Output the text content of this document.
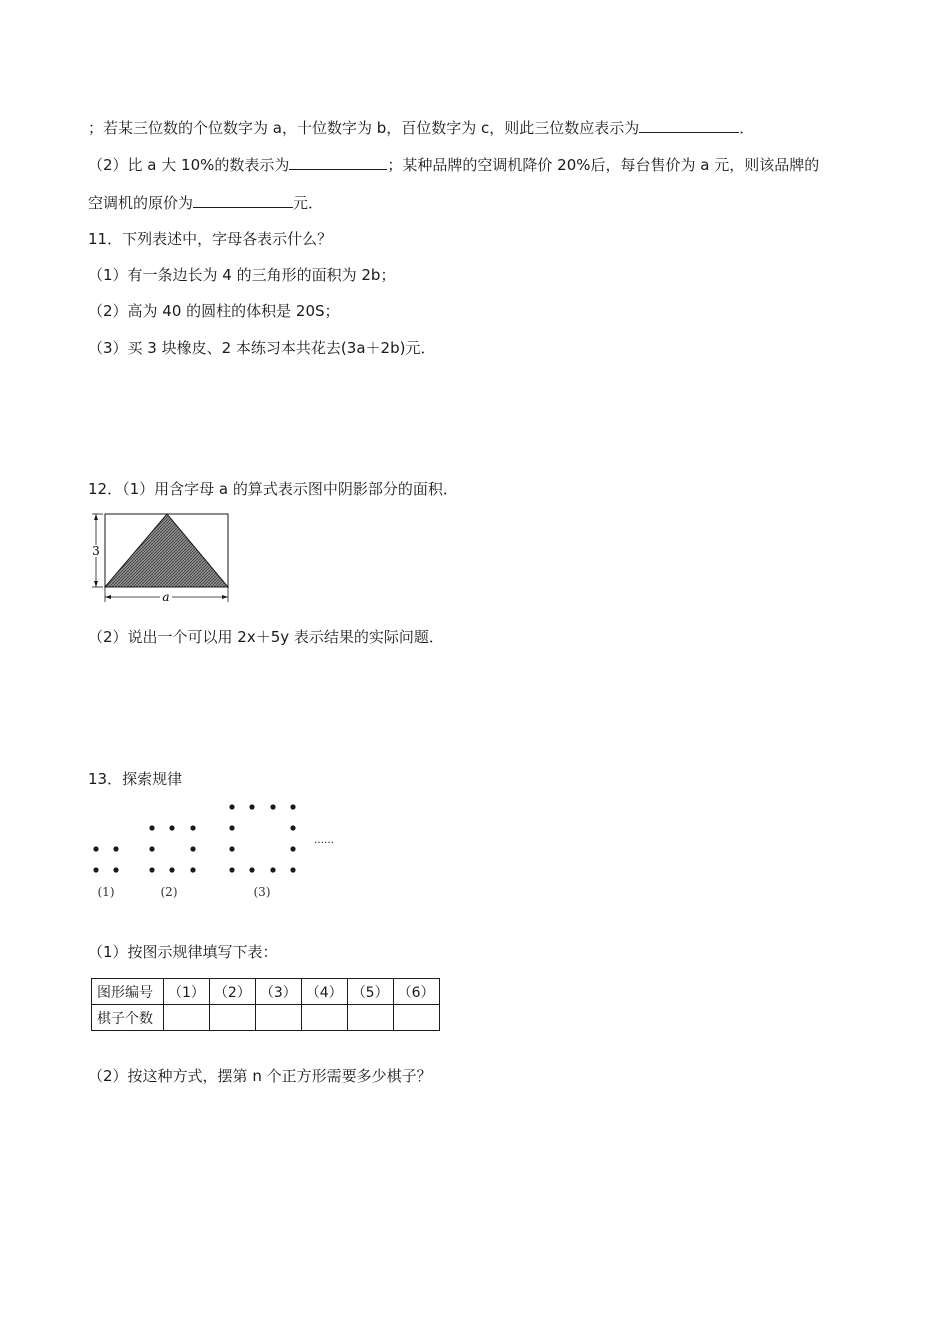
；若某三位数的个位数字为 a，十位数字为 b，百位数字为 c，则此三位数应表示为	．
（2）比 a 大 10%的数表示为	；某种品牌的空调机降价 20%后，每台售价为 a 元，则该品牌的
空调机的原价为	元．
11．下列表述中，字母各表示什么？
（1）有一条边长为 4 的三角形的面积为 2b；
（2）高为 40 的圆柱的体积是 20S；
（3）买 3 块橡皮、2 本练习本共花去(3a＋2b)元．
12．（1）用含字母 a 的算式表示图中阴影部分的面积．
3
a
（2）说出一个可以用 2x＋5y 表示结果的实际问题．
13．探索规律
……
(1)	(2)	(3)
（1）按图示规律填写下表：
图形编号	（1）	（2）	（3）	（4）	（5）	（6）
棋子个数						
（2）按这种方式，摆第 n 个正方形需要多少棋子？
